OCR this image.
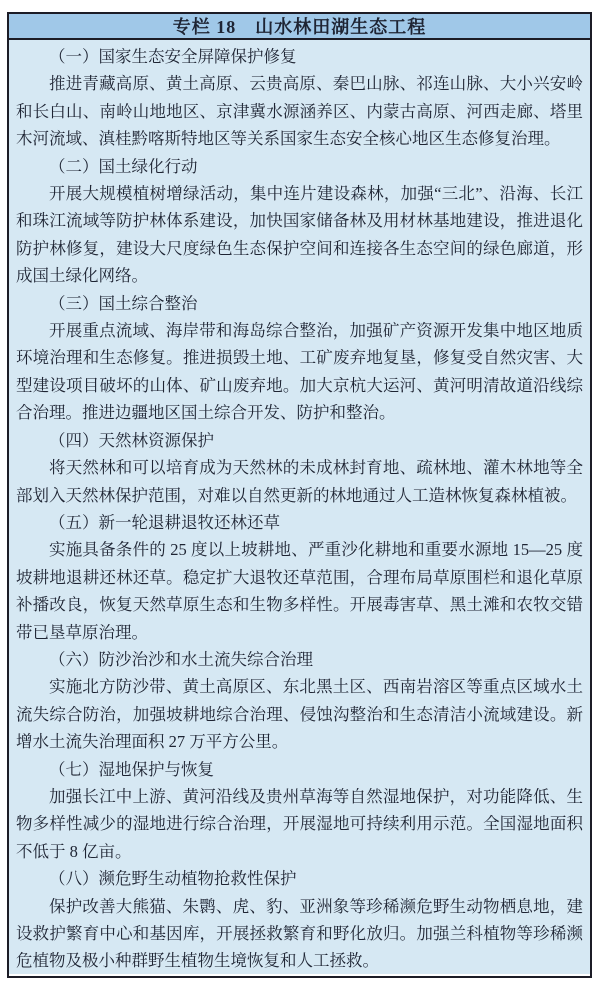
专栏 18　山水林田湖生态工程
（一）国家生态安全屏障保护修复

推进青藏高原、黄土高原、云贵高原、秦巴山脉、祁连山脉、大小兴安岭和长白山、南岭山地地区、京津冀水源涵养区、内蒙古高原、河西走廊、塔里木河流域、滇桂黔喀斯特地区等关系国家生态安全核心地区生态修复治理。

（二）国土绿化行动

开展大规模植树增绿活动，集中连片建设森林，加强“三北”、沿海、长江和珠江流域等防护林体系建设，加快国家储备林及用材林基地建设，推进退化防护林修复，建设大尺度绿色生态保护空间和连接各生态空间的绿色廊道，形成国土绿化网络。

（三）国土综合整治

开展重点流域、海岸带和海岛综合整治，加强矿产资源开发集中地区地质环境治理和生态修复。推进损毁土地、工矿废弃地复垦，修复受自然灾害、大型建设项目破坏的山体、矿山废弃地。加大京杭大运河、黄河明清故道沿线综合治理。推进边疆地区国土综合开发、防护和整治。

（四）天然林资源保护

将天然林和可以培育成为天然林的未成林封育地、疏林地、灌木林地等全部划入天然林保护范围，对难以自然更新的林地通过人工造林恢复森林植被。

（五）新一轮退耕退牧还林还草

实施具备条件的 25 度以上坡耕地、严重沙化耕地和重要水源地 15—25 度坡耕地退耕还林还草。稳定扩大退牧还草范围，合理布局草原围栏和退化草原补播改良，恢复天然草原生态和生物多样性。开展毒害草、黑土滩和农牧交错带已垦草原治理。

（六）防沙治沙和水土流失综合治理

实施北方防沙带、黄土高原区、东北黑土区、西南岩溶区等重点区域水土流失综合防治，加强坡耕地综合治理、侵蚀沟整治和生态清洁小流域建设。新增水土流失治理面积 27 万平方公里。

（七）湿地保护与恢复

加强长江中上游、黄河沿线及贵州草海等自然湿地保护，对功能降低、生物多样性减少的湿地进行综合治理，开展湿地可持续利用示范。全国湿地面积不低于 8 亿亩。

（八）濒危野生动植物抢救性保护

保护改善大熊猫、朱鹮、虎、豹、亚洲象等珍稀濒危野生动物栖息地，建设救护繁育中心和基因库，开展拯救繁育和野化放归。加强兰科植物等珍稀濒危植物及极小种群野生植物生境恢复和人工拯救。
